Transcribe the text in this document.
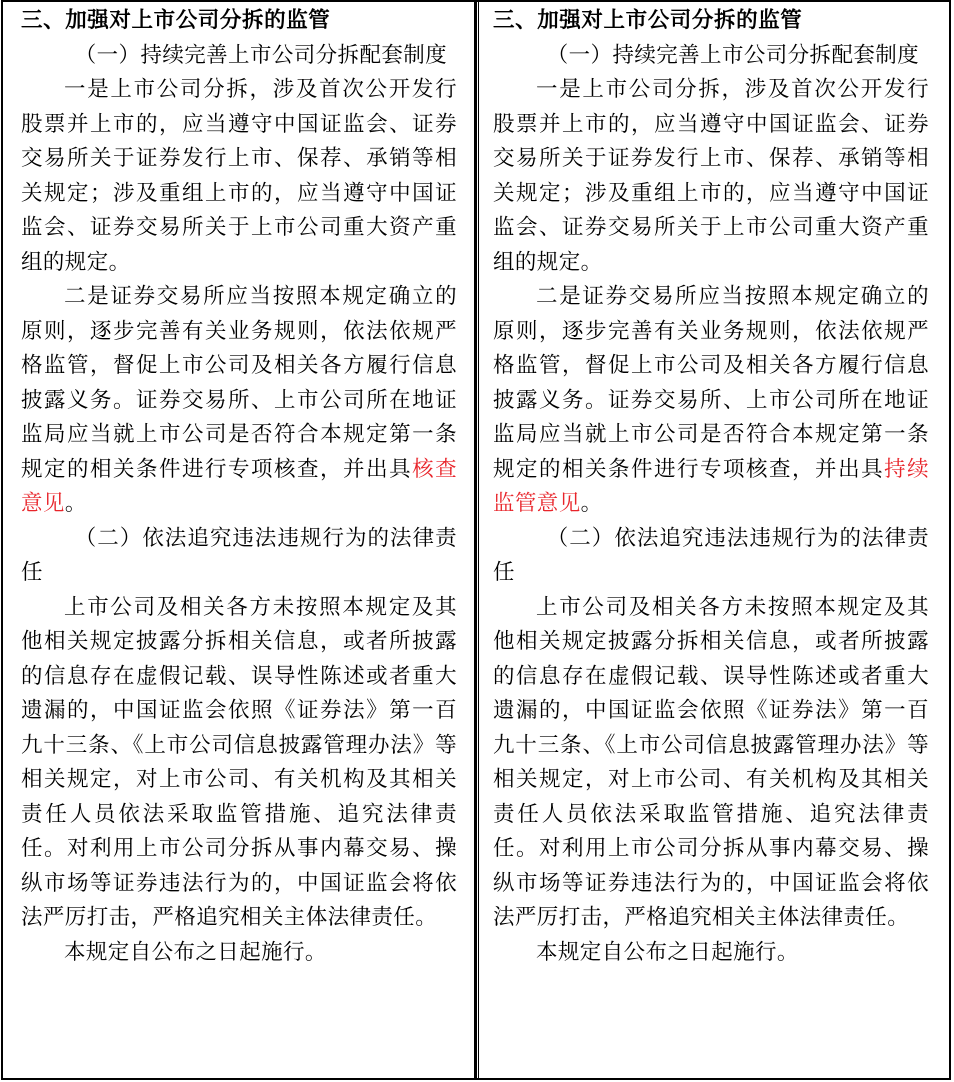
三、加强对上市公司分拆的监管

（一）持续完善上市公司分拆配套制度

一是上市公司分拆，涉及首次公开发行股票并上市的，应当遵守中国证监会、证券交易所关于证券发行上市、保荐、承销等相关规定；涉及重组上市的，应当遵守中国证监会、证券交易所关于上市公司重大资产重组的规定。

二是证券交易所应当按照本规定确立的原则，逐步完善有关业务规则，依法依规严格监管，督促上市公司及相关各方履行信息披露义务。证券交易所、上市公司所在地证监局应当就上市公司是否符合本规定第一条规定的相关条件进行专项核查，并出具核查意见。

（二）依法追究违法违规行为的法律责任

上市公司及相关各方未按照本规定及其他相关规定披露分拆相关信息，或者所披露的信息存在虚假记载、误导性陈述或者重大遗漏的，中国证监会依照《证券法》第一百九十三条、《上市公司信息披露管理办法》等相关规定，对上市公司、有关机构及其相关责任人员依法采取监管措施、追究法律责任。对利用上市公司分拆从事内幕交易、操纵市场等证券违法行为的，中国证监会将依法严厉打击，严格追究相关主体法律责任。

本规定自公布之日起施行。

三、加强对上市公司分拆的监管

（一）持续完善上市公司分拆配套制度

一是上市公司分拆，涉及首次公开发行股票并上市的，应当遵守中国证监会、证券交易所关于证券发行上市、保荐、承销等相关规定；涉及重组上市的，应当遵守中国证监会、证券交易所关于上市公司重大资产重组的规定。

二是证券交易所应当按照本规定确立的原则，逐步完善有关业务规则，依法依规严格监管，督促上市公司及相关各方履行信息披露义务。证券交易所、上市公司所在地证监局应当就上市公司是否符合本规定第一条规定的相关条件进行专项核查，并出具持续监管意见。

（二）依法追究违法违规行为的法律责任

上市公司及相关各方未按照本规定及其他相关规定披露分拆相关信息，或者所披露的信息存在虚假记载、误导性陈述或者重大遗漏的，中国证监会依照《证券法》第一百九十三条、《上市公司信息披露管理办法》等相关规定，对上市公司、有关机构及其相关责任人员依法采取监管措施、追究法律责任。对利用上市公司分拆从事内幕交易、操纵市场等证券违法行为的，中国证监会将依法严厉打击，严格追究相关主体法律责任。

本规定自公布之日起施行。
